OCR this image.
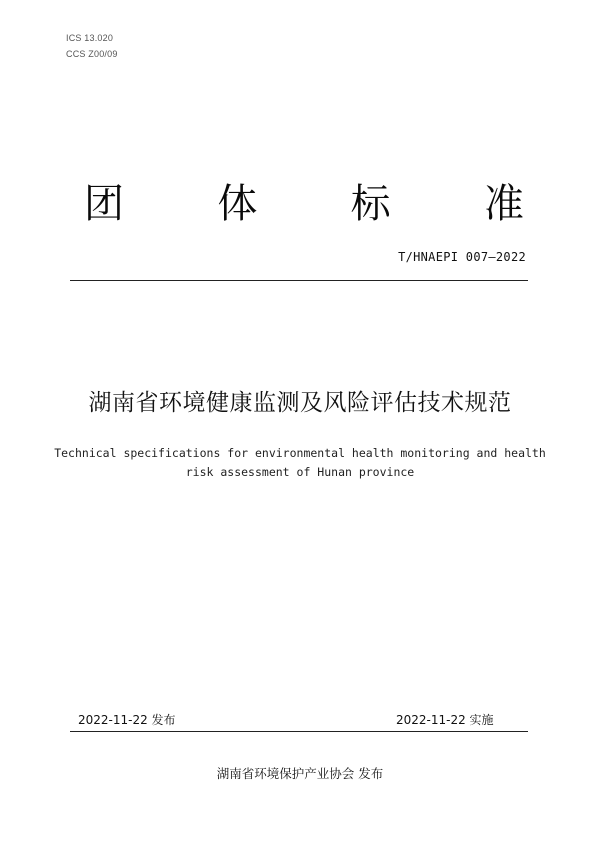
ICS 13.020
CCS Z00/09
团 体 标 准
T/HNAEPI 007—2022
湖南省环境健康监测及风险评估技术规范
Technical specifications for environmental health monitoring and health
risk assessment of Hunan province
2022-11-22 发布	2022-11-22 实施
湖南省环境保护产业协会 发布
